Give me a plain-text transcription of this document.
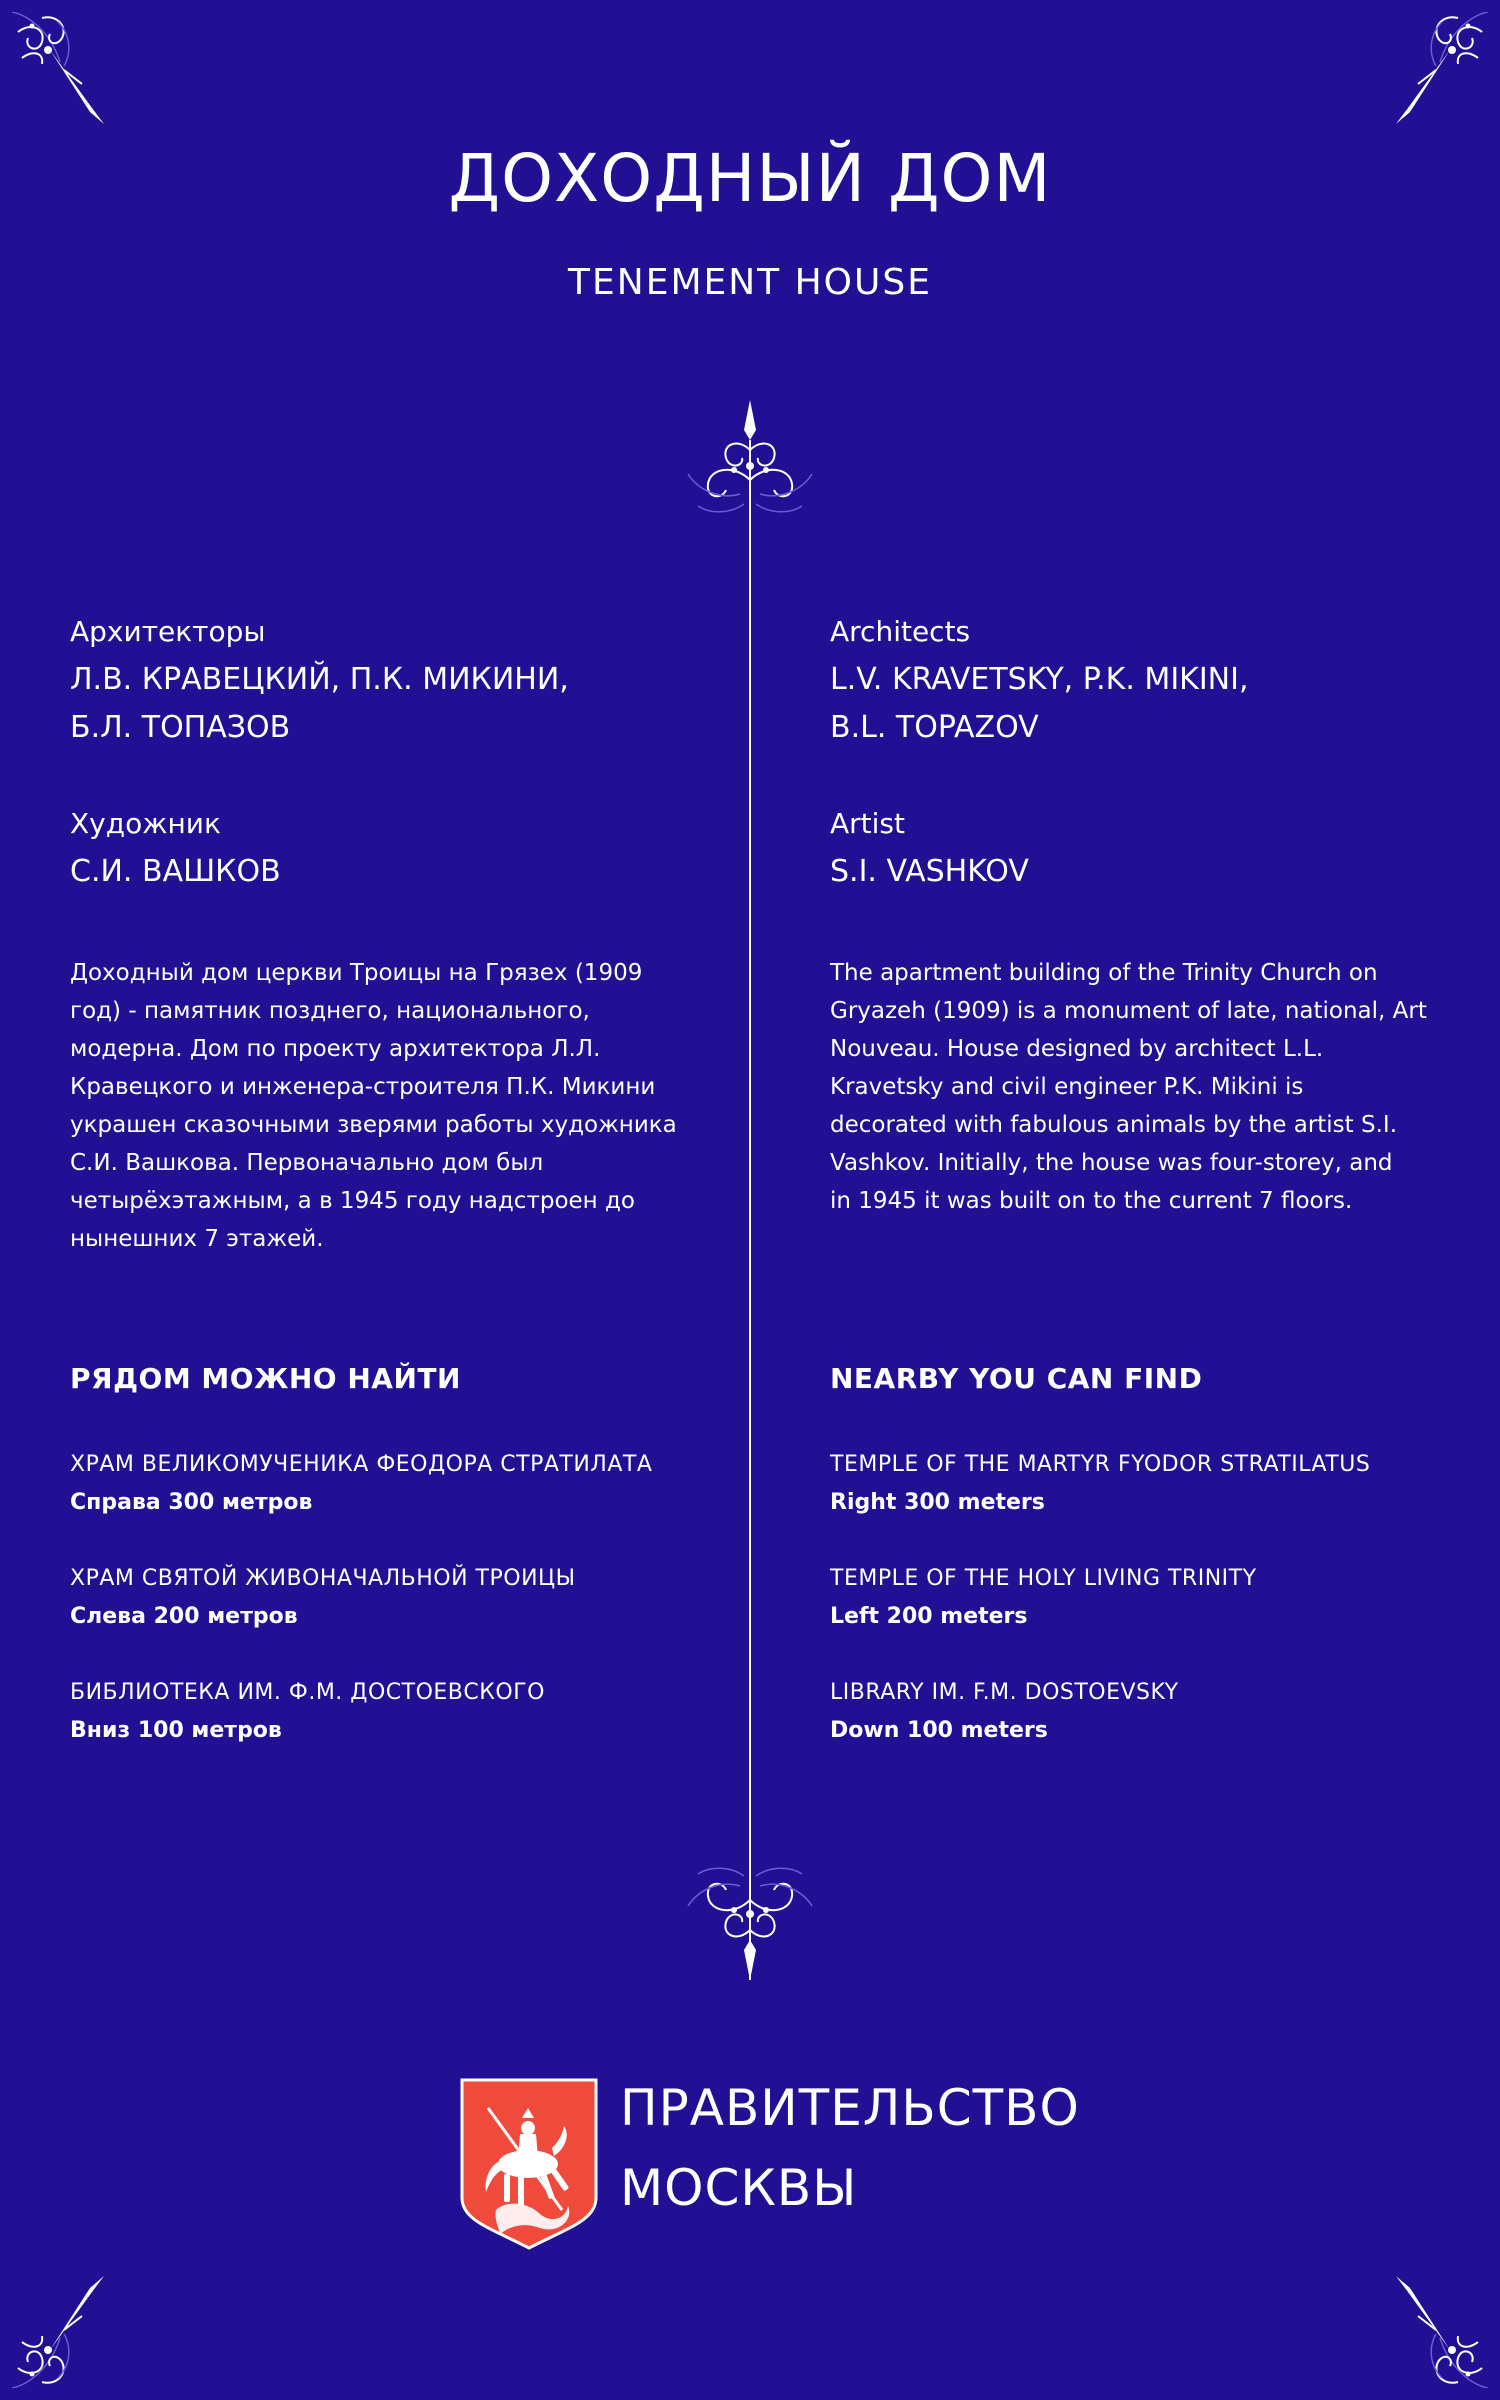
ДОХОДНЫЙ ДОМ
TENEMENT HOUSE
Архитекторы
Л.В. КРАВЕЦКИЙ, П.К. МИКИНИ,
Б.Л. ТОПАЗОВ
Художник
С.И. ВАШКОВ
Доходный дом церкви Троицы на Грязех (1909
год) - памятник позднего, национального,
модерна. Дом по проекту архитектора Л.Л.
Кравецкого и инженера-строителя П.К. Микини
украшен сказочными зверями работы художника
С.И. Вашкова. Первоначально дом был
четырёхэтажным, а в 1945 году надстроен до
нынешних 7 этажей.
РЯДОМ МОЖНО НАЙТИ
ХРАМ ВЕЛИКОМУЧЕНИКА ФЕОДОРА СТРАТИЛАТА
Справа 300 метров
ХРАМ СВЯТОЙ ЖИВОНАЧАЛЬНОЙ ТРОИЦЫ
Слева 200 метров
БИБЛИОТЕКА ИМ. Ф.М. ДОСТОЕВСКОГО
Вниз 100 метров
Architects
L.V. KRAVETSKY, P.K. MIKINI,
B.L. TOPAZOV
Artist
S.I. VASHKOV
The apartment building of the Trinity Church on
Gryazeh (1909) is a monument of late, national, Art
Nouveau. House designed by architect L.L.
Kravetsky and civil engineer P.K. Mikini is
decorated with fabulous animals by the artist S.I.
Vashkov. Initially, the house was four-storey, and
in 1945 it was built on to the current 7 floors.
NEARBY YOU CAN FIND
TEMPLE OF THE MARTYR FYODOR STRATILATUS
Right 300 meters
TEMPLE OF THE HOLY LIVING TRINITY
Left 200 meters
LIBRARY IM. F.M. DOSTOEVSKY
Down 100 meters
ПРАВИТЕЛЬСТВО
МОСКВЫ
